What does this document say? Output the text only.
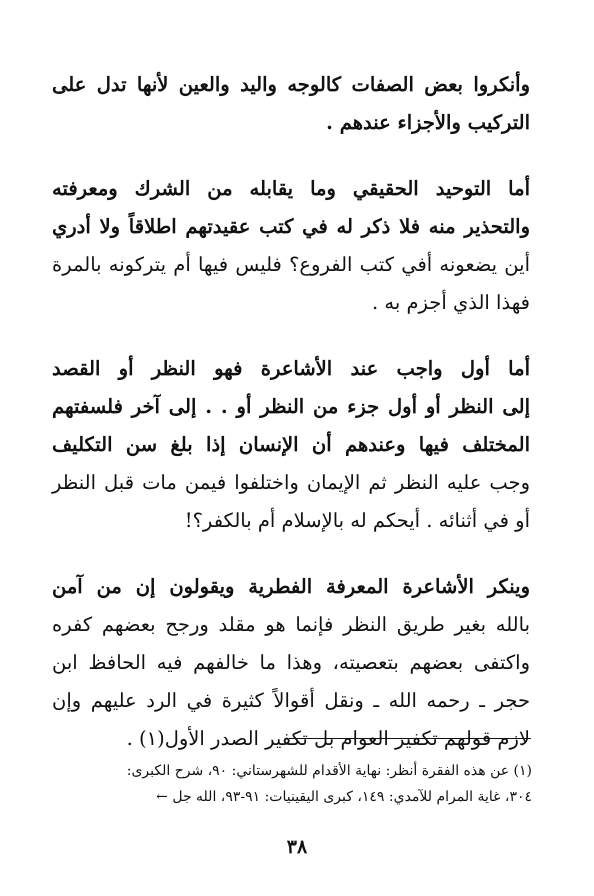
وأنكروا بعض الصفات كالوجه واليد والعين لأنها تدل على
التركيب والأجزاء عندهم .

أما التوحيد الحقيقي وما يقابله من الشرك ومعرفته
والتحذير منه فلا ذكر له في كتب عقيدتهم اطلاقاً ولا أدري
أين يضعونه أفي كتب الفروع؟ فليس فيها أم يتركونه بالمرة
فهذا الذي أجزم به .

أما أول واجب عند الأشاعرة فهو النظر أو القصد
إلى النظر أو أول جزء من النظر أو . . إلى آخر فلسفتهم
المختلف فيها وعندهم أن الإنسان إذا بلغ سن التكليف
وجب عليه النظر ثم الإيمان واختلفوا فيمن مات قبل النظر
أو في أثنائه . أيحكم له بالإسلام أم بالكفر؟!

وينكر الأشاعرة المعرفة الفطرية ويقولون إن من آمن
بالله بغير طريق النظر فإنما هو مقلد ورجح بعضهم كفره
واكتفى بعضهم بتعصيته، وهذا ما خالفهم فيه الحافظ ابن
حجر ـ رحمه الله ـ ونقل أقوالاً كثيرة في الرد عليهم وإن
لازم قولهم تكفير العوام بل تكفير الصدر الأول(١) .

(١) عن هذه الفقرة أنظر: نهاية الأقدام للشهرستاني: ٩٠، شرح الكبرى:
٣٠٤، غاية المرام للآمدي: ١٤٩، كبرى اليقينيات: ٩١-٩٣، الله جل ←
٣٨
